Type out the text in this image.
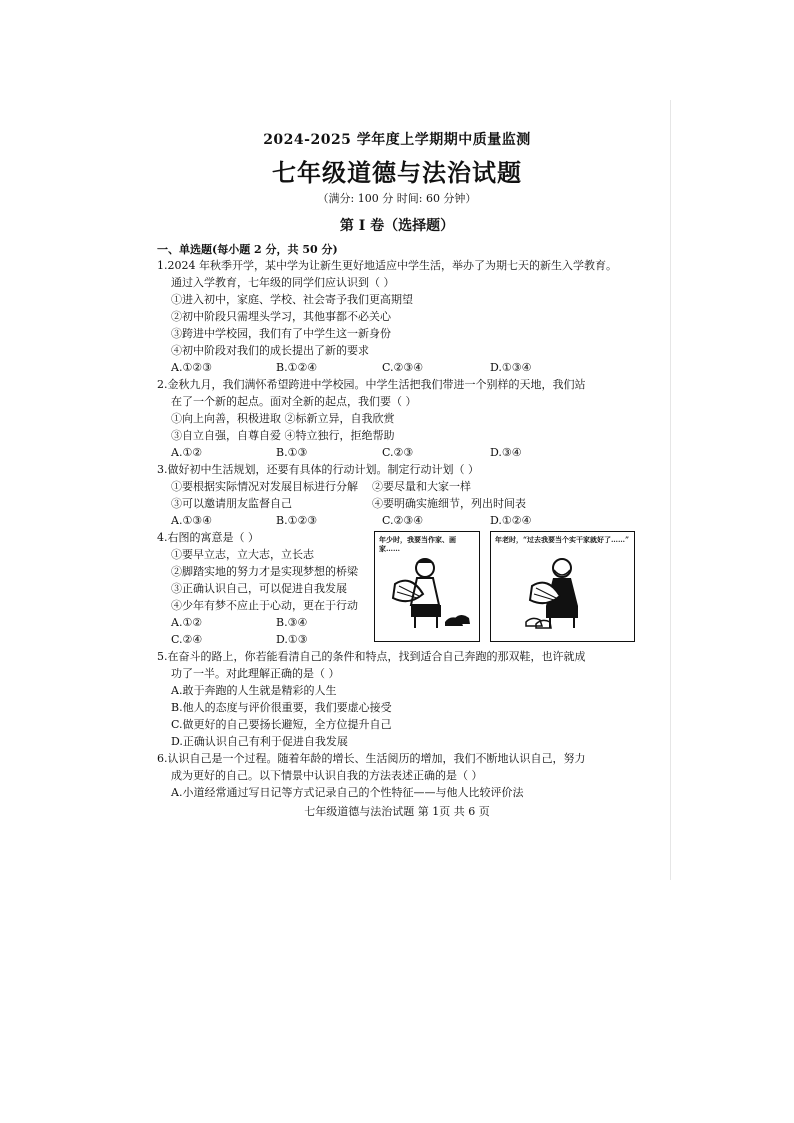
2024-2025 学年度上学期期中质量监测
七年级道德与法治试题
（满分: 100 分 时间: 60 分钟）
第 I 卷（选择题）
一、单选题(每小题 2 分，共 50 分)
1.2024 年秋季开学，某中学为让新生更好地适应中学生活，举办了为期七天的新生入学教育。
通过入学教育，七年级的同学们应认识到（ ）
①进入初中，家庭、学校、社会寄予我们更高期望
②初中阶段只需埋头学习，其他事都不必关心
③跨进中学校园，我们有了中学生这一新身份
④初中阶段对我们的成长提出了新的要求
A.①②③	B.①②④	C.②③④	D.①③④
2.金秋九月，我们满怀希望跨进中学校园。中学生活把我们带进一个别样的天地，我们站
在了一个新的起点。面对全新的起点，我们要（ ）
①向上向善，积极进取 ②标新立异，自我欣赏
③自立自强，自尊自爱 ④特立独行，拒绝帮助
A.①②	B.①③	C.②③	D.③④
3.做好初中生活规划，还要有具体的行动计划。制定行动计划（ ）
①要根据实际情况对发展目标进行分解 ②要尽量和大家一样
③可以邀请朋友监督自己	④要明确实施细节，列出时间表
A.①③④	B.①②③	C.②③④	D.①②④
4.右图的寓意是（ ）
①要早立志，立大志，立长志
②脚踏实地的努力才是实现梦想的桥梁
③正确认识自己，可以促进自我发展
④少年有梦不应止于心动，更在于行动
A.①②	B.③④
C.②④	D.①③
年少时，我要当作家、画家……
年老时，“过去我要当个实干家就好了……”
5.在奋斗的路上，你若能看清自己的条件和特点，找到适合自己奔跑的那双鞋，也许就成
功了一半。对此理解正确的是（ ）
A.敢于奔跑的人生就是精彩的人生
B.他人的态度与评价很重要，我们要虚心接受
C.做更好的自己要扬长避短，全方位提升自己
D.正确认识自己有利于促进自我发展
6.认识自己是一个过程。随着年龄的增长、生活阅历的增加，我们不断地认识自己，努力
成为更好的自己。以下情景中认识自我的方法表述正确的是（ ）
A.小道经常通过写日记等方式记录自己的个性特征——与他人比较评价法
七年级道德与法治试题 第 1页 共 6 页
